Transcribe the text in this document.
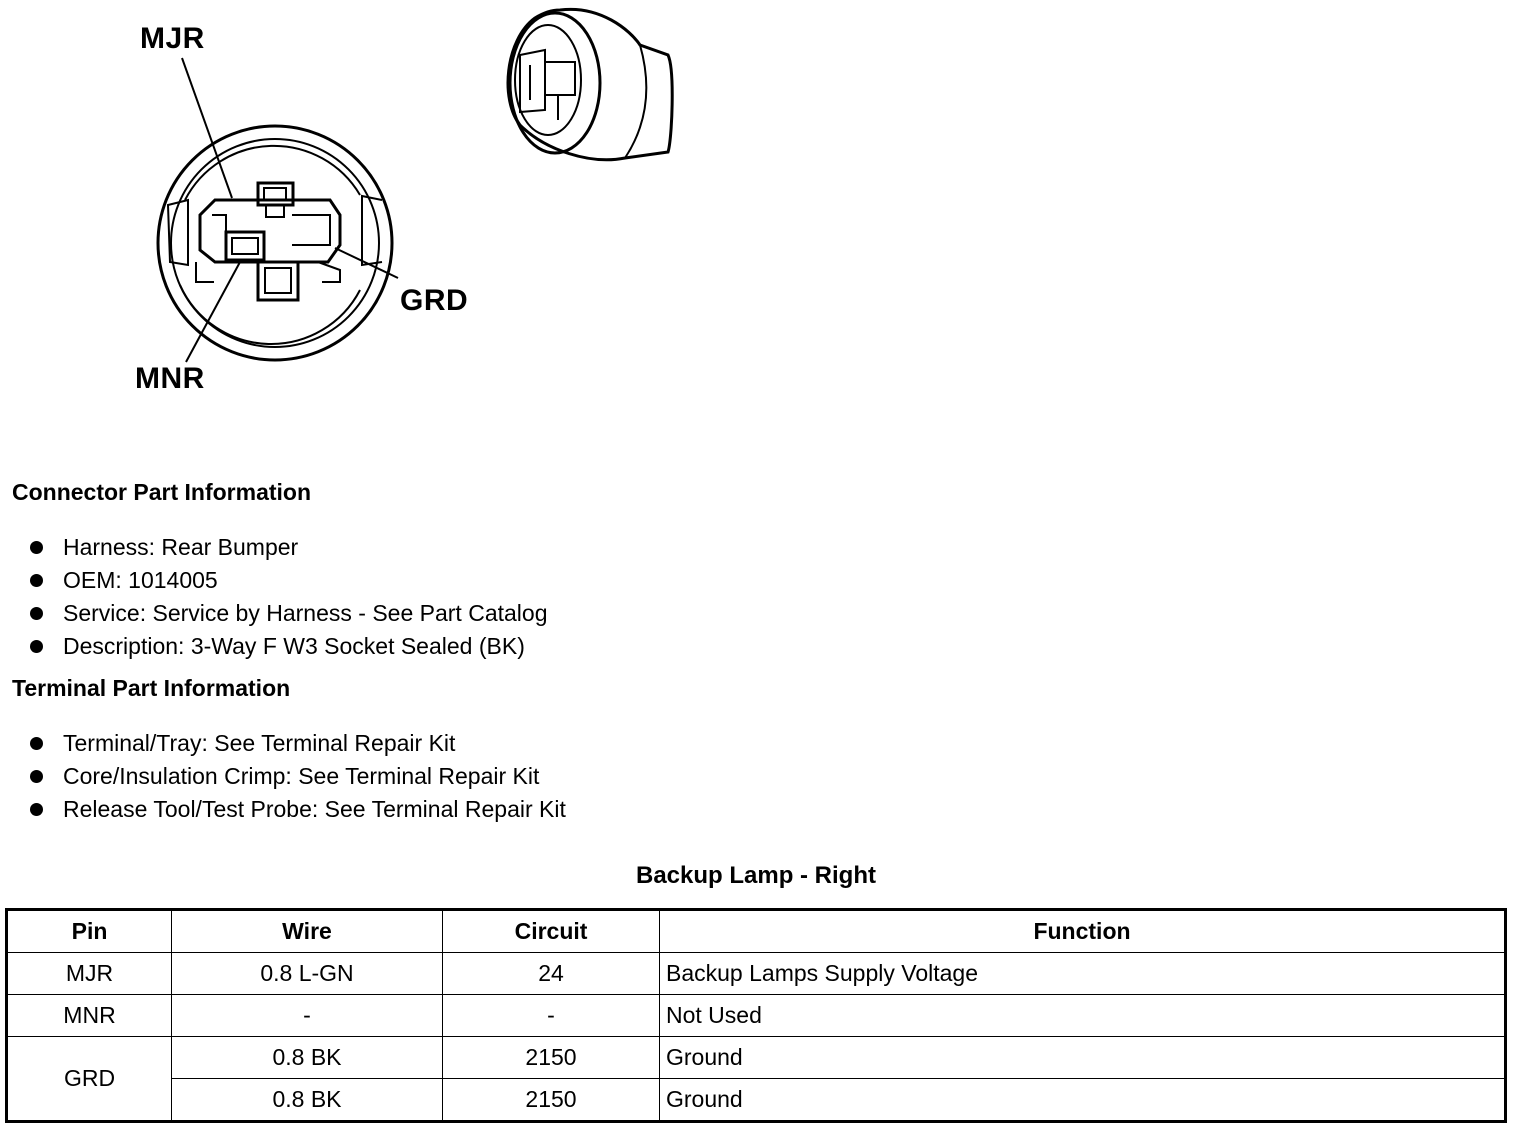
MJR
GRD
MNR
Connector Part Information
Harness: Rear Bumper
OEM: 1014005
Service: Service by Harness - See Part Catalog
Description: 3-Way F W3 Socket Sealed (BK)
Terminal Part Information
Terminal/Tray: See Terminal Repair Kit
Core/Insulation Crimp: See Terminal Repair Kit
Release Tool/Test Probe: See Terminal Repair Kit
Backup Lamp - Right
Pin	Wire	Circuit	Function
MJR	0.8 L-GN	24	Backup Lamps Supply Voltage
MNR	-	-	Not Used
GRD	0.8 BK	2150	Ground
	0.8 BK	2150	Ground
